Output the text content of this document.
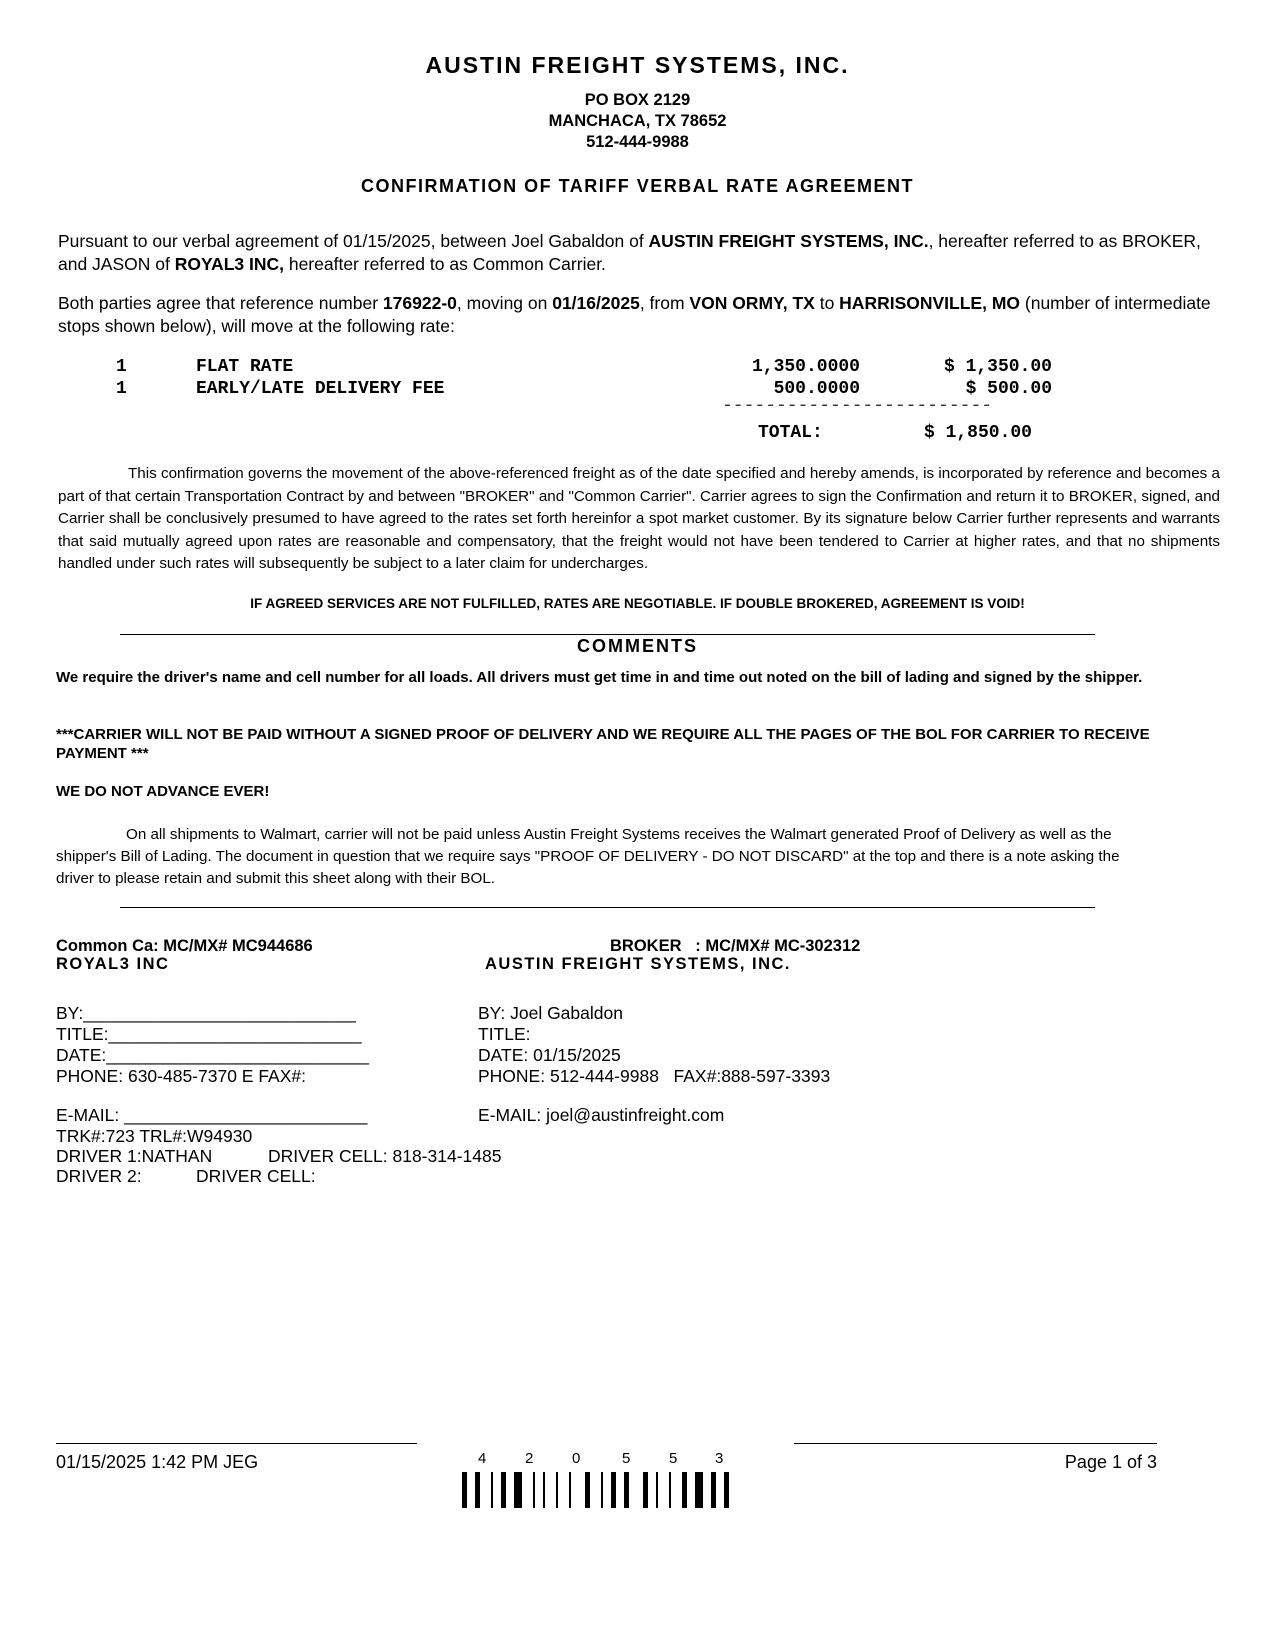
AUSTIN FREIGHT SYSTEMS, INC.
PO BOX 2129
MANCHACA, TX 78652
512-444-9988
CONFIRMATION OF TARIFF VERBAL RATE AGREEMENT
Pursuant to our verbal agreement of 01/15/2025, between Joel Gabaldon of AUSTIN FREIGHT SYSTEMS, INC., hereafter referred to as BROKER, and JASON of ROYAL3 INC, hereafter referred to as Common Carrier.
Both parties agree that reference number 176922-0, moving on 01/16/2025, from VON ORMY, TX to HARRISONVILLE, MO (number of intermediate stops shown below), will move at the following rate:
1	FLAT RATE	1,350.0000	$ 1,350.00
1	EARLY/LATE DELIVERY FEE	500.0000	$ 500.00
-------------------------
TOTAL:	$ 1,850.00
This confirmation governs the movement of the above-referenced freight as of the date specified and hereby amends, is incorporated by reference and becomes a part of that certain Transportation Contract by and between "BROKER" and "Common Carrier". Carrier agrees to sign the Confirmation and return it to BROKER, signed, and Carrier shall be conclusively presumed to have agreed to the rates set forth hereinfor a spot market customer. By its signature below Carrier further represents and warrants that said mutually agreed upon rates are reasonable and compensatory, that the freight would not have been tendered to Carrier at higher rates, and that no shipments handled under such rates will subsequently be subject to a later claim for undercharges.
IF AGREED SERVICES ARE NOT FULFILLED, RATES ARE NEGOTIABLE. IF DOUBLE BROKERED, AGREEMENT IS VOID!
COMMENTS
We require the driver's name and cell number for all loads. All drivers must get time in and time out noted on the bill of lading and signed by the shipper.
***CARRIER WILL NOT BE PAID WITHOUT A SIGNED PROOF OF DELIVERY AND WE REQUIRE ALL THE PAGES OF THE BOL FOR CARRIER TO RECEIVE PAYMENT ***
WE DO NOT ADVANCE EVER!
On all shipments to Walmart, carrier will not be paid unless Austin Freight Systems receives the Walmart generated Proof of Delivery as well as the shipper's Bill of Lading. The document in question that we require says "PROOF OF DELIVERY - DO NOT DISCARD" at the top and there is a note asking the driver to please retain and submit this sheet along with their BOL.
Common Ca: MC/MX# MC944686
ROYAL3 INC
BY:____________________________
TITLE:__________________________
DATE:___________________________
PHONE: 630-485-7370 E FAX#:
E-MAIL: _________________________
TRK#:723 TRL#:W94930
DRIVER 1:NATHAN	DRIVER CELL: 818-314-1485
DRIVER 2:	DRIVER CELL:
BROKER   : MC/MX# MC-302312
AUSTIN FREIGHT SYSTEMS, INC.
BY: Joel Gabaldon
TITLE:
DATE: 01/15/2025
PHONE: 512-444-9988   FAX#:888-597-3393
E-MAIL: joel@austinfreight.com
01/15/2025 1:42 PM JEG	Page 1 of 3
4	2	0	5	5	3
